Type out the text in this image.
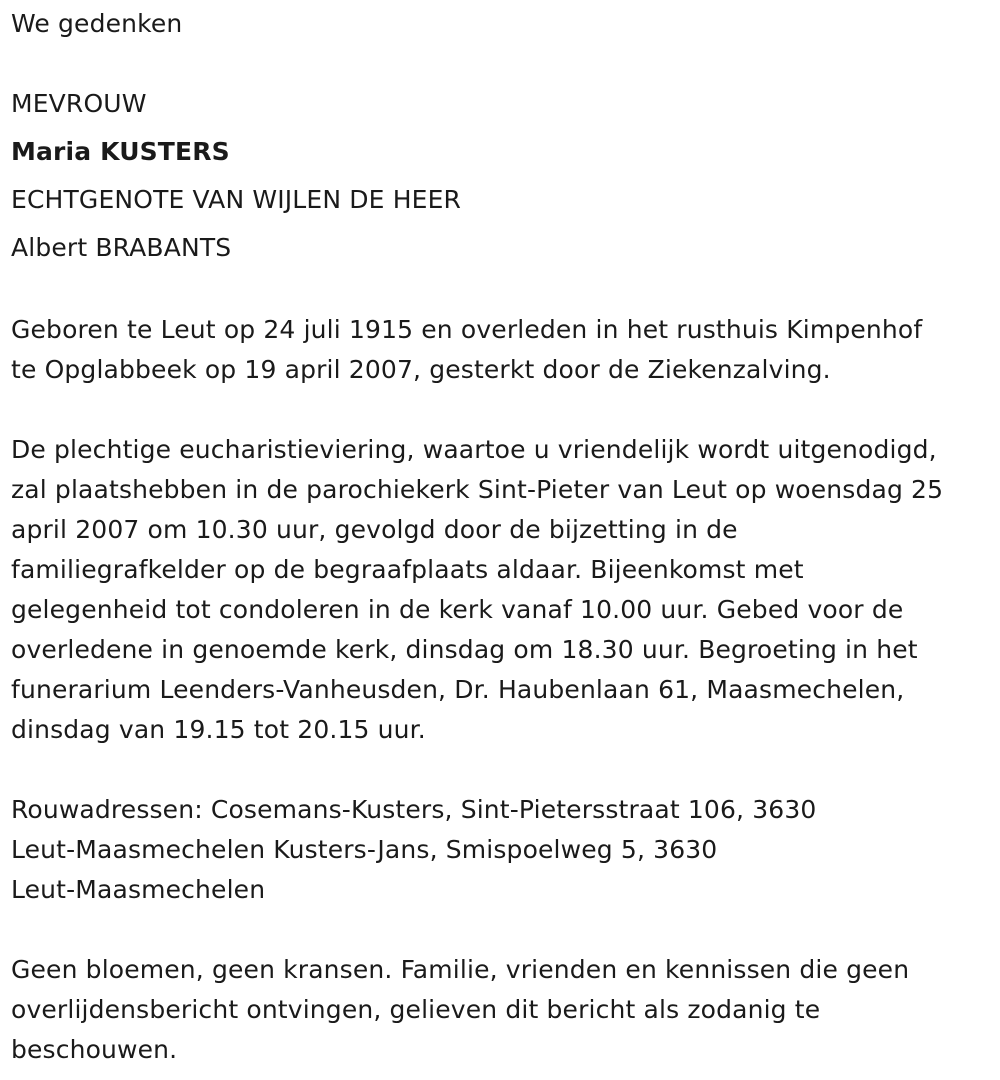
We gedenken
MEVROUW
Maria KUSTERS
ECHTGENOTE VAN WIJLEN DE HEER
Albert BRABANTS
Geboren te Leut op 24 juli 1915 en overleden in het rusthuis Kimpenhof
te Opglabbeek op 19 april 2007, gesterkt door de Ziekenzalving.
De plechtige eucharistieviering, waartoe u vriendelijk wordt uitgenodigd,
zal plaatshebben in de parochiekerk Sint-Pieter van Leut op woensdag 25
april 2007 om 10.30 uur, gevolgd door de bijzetting in de
familiegrafkelder op de begraafplaats aldaar. Bijeenkomst met
gelegenheid tot condoleren in de kerk vanaf 10.00 uur. Gebed voor de
overledene in genoemde kerk, dinsdag om 18.30 uur. Begroeting in het
funerarium Leenders-Vanheusden, Dr. Haubenlaan 61, Maasmechelen,
dinsdag van 19.15 tot 20.15 uur.
Rouwadressen: Cosemans-Kusters, Sint-Pietersstraat 106, 3630
Leut-Maasmechelen Kusters-Jans, Smispoelweg 5, 3630
Leut-Maasmechelen
Geen bloemen, geen kransen. Familie, vrienden en kennissen die geen
overlijdensbericht ontvingen, gelieven dit bericht als zodanig te
beschouwen.
